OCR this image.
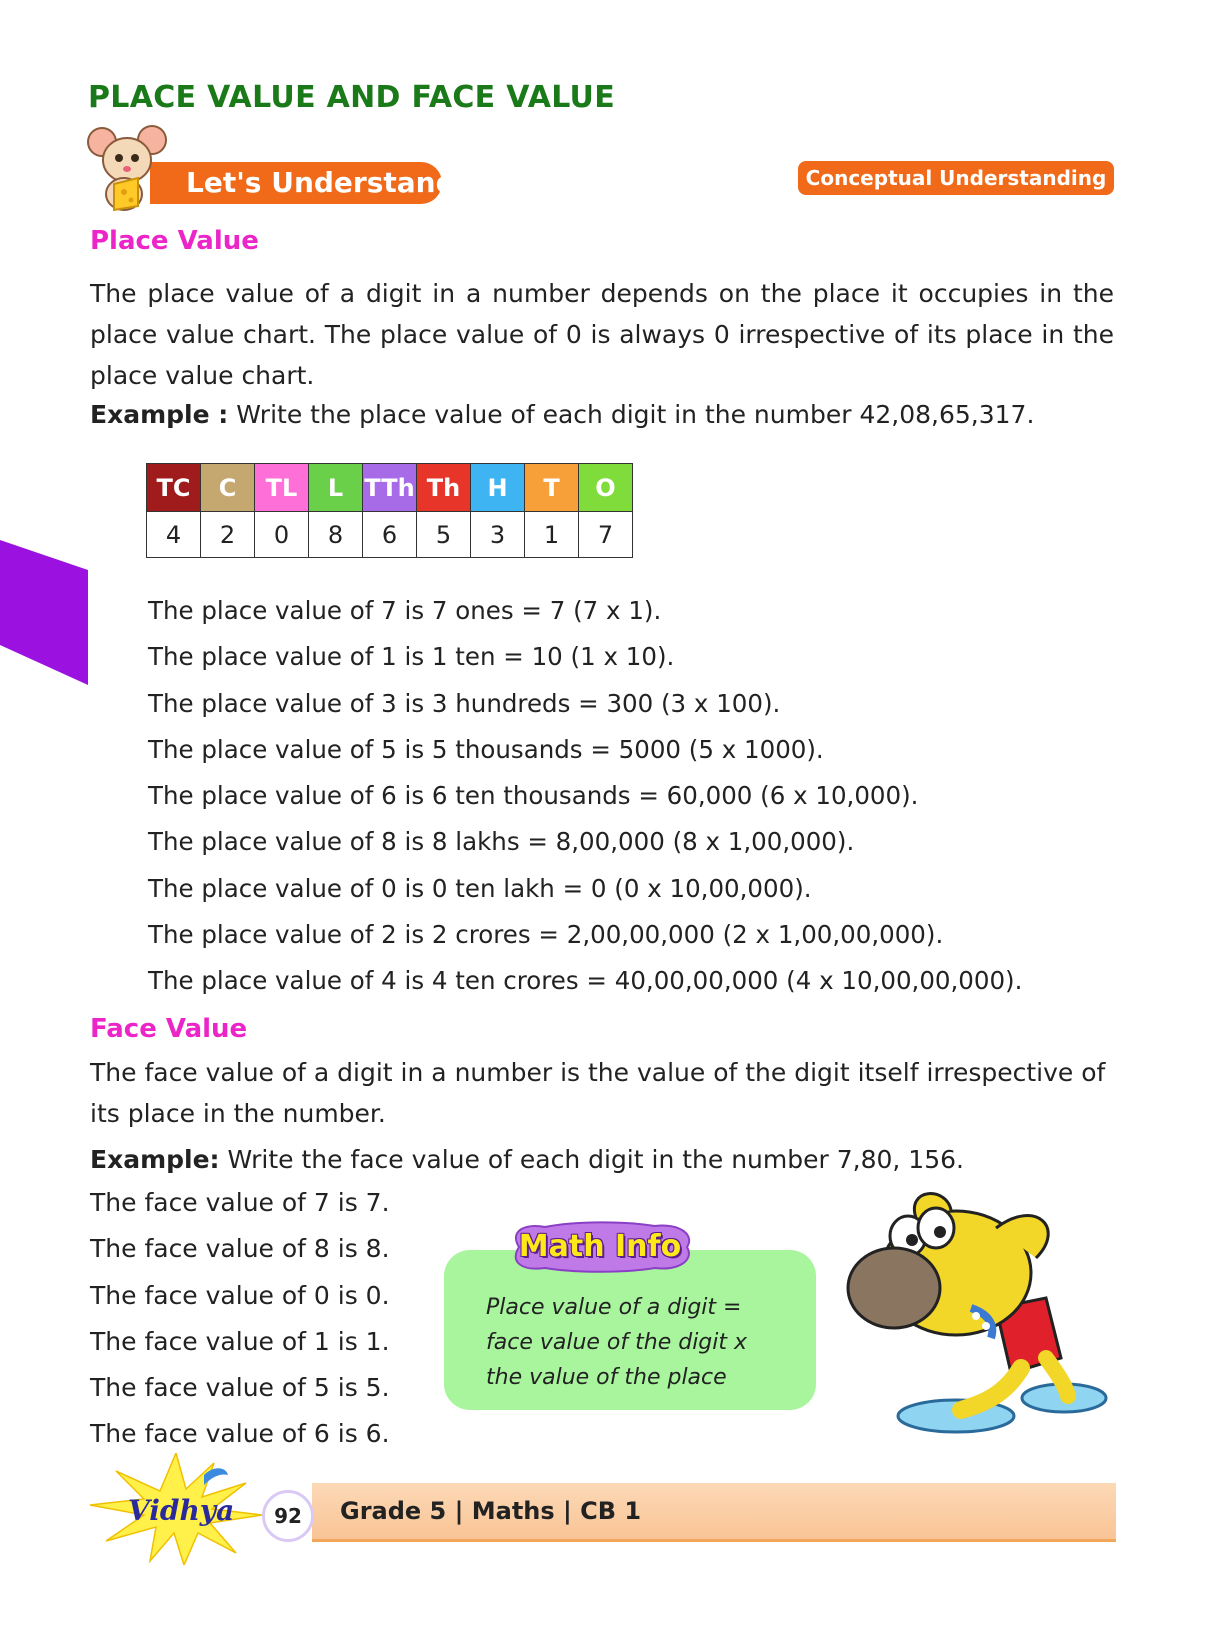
PLACE VALUE AND FACE VALUE
Let's Understand	Conceptual Understanding
Place Value
The place value of a digit in a number depends on the place it occupies in the place value chart. The place value of 0 is always 0 irrespective of its place in the place value chart.
Example : Write the place value of each digit in the number 42,08,65,317.
TC	C	TL	L	TTh	Th	H	T	O
4	2	0	8	6	5	3	1	7
The place value of 7 is 7 ones = 7 (7 x 1).
The place value of 1 is 1 ten = 10 (1 x 10).
The place value of 3 is 3 hundreds = 300 (3 x 100).
The place value of 5 is 5 thousands = 5000 (5 x 1000).
The place value of 6 is 6 ten thousands = 60,000 (6 x 10,000).
The place value of 8 is 8 lakhs = 8,00,000 (8 x 1,00,000).
The place value of 0 is 0 ten lakh = 0 (0 x 10,00,000).
The place value of 2 is 2 crores = 2,00,00,000 (2 x 1,00,00,000).
The place value of 4 is 4 ten crores = 40,00,00,000 (4 x 10,00,00,000).
Face Value
The face value of a digit in a number is the value of the digit itself irrespective of its place in the number.
Example: Write the face value of each digit in the number 7,80, 156.
The face value of 7 is 7.
The face value of 8 is 8.
The face value of 0 is 0.
The face value of 1 is 1.
The face value of 5 is 5.
The face value of 6 is 6.
Math Info
Place value of a digit =
face value of the digit x
the value of the place
Grade 5 | Maths | CB 1
Vidhya	92
